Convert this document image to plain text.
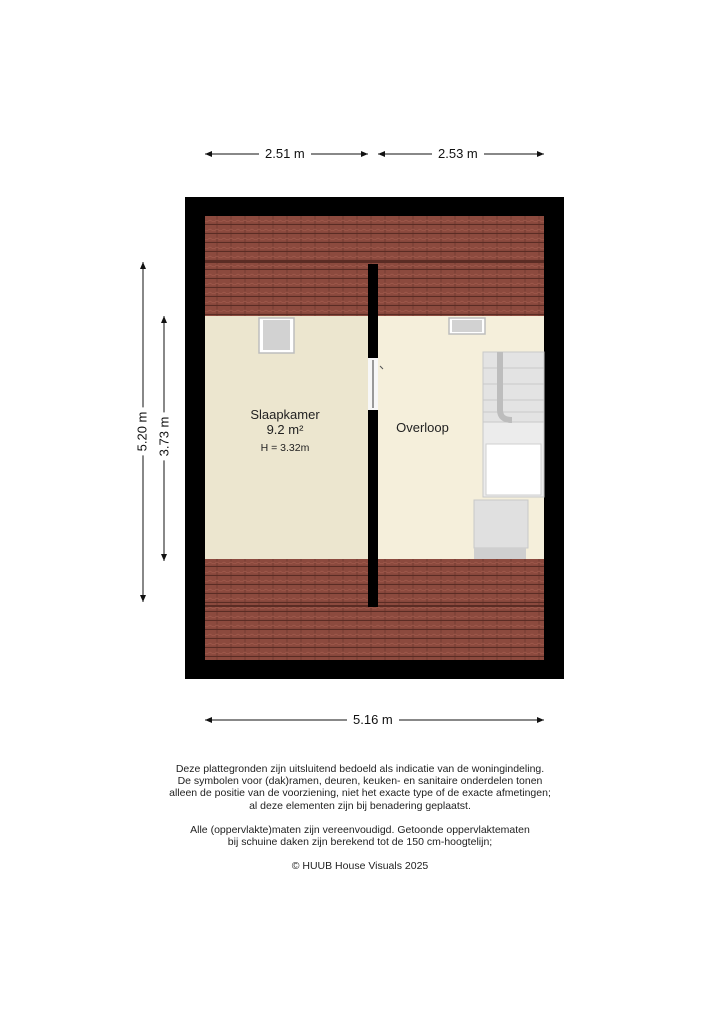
2.51 m	2.53 m
5.16 m
5.20 m 3.73 m
Slaapkamer
9.2 m²
H = 3.32m
Overloop

Deze plattegronden zijn uitsluitend bedoeld als indicatie van de woningindeling.

De symbolen voor (dak)ramen, deuren, keuken- en sanitaire onderdelen tonen

alleen de positie van de voorziening, niet het exacte type of de exacte afmetingen;

al deze elementen zijn bij benadering geplaatst.

Alle (oppervlakte)maten zijn vereenvoudigd. Getoonde oppervlaktematen

bij schuine daken zijn berekend tot de 150 cm-hoogtelijn;

© HUUB House Visuals 2025
